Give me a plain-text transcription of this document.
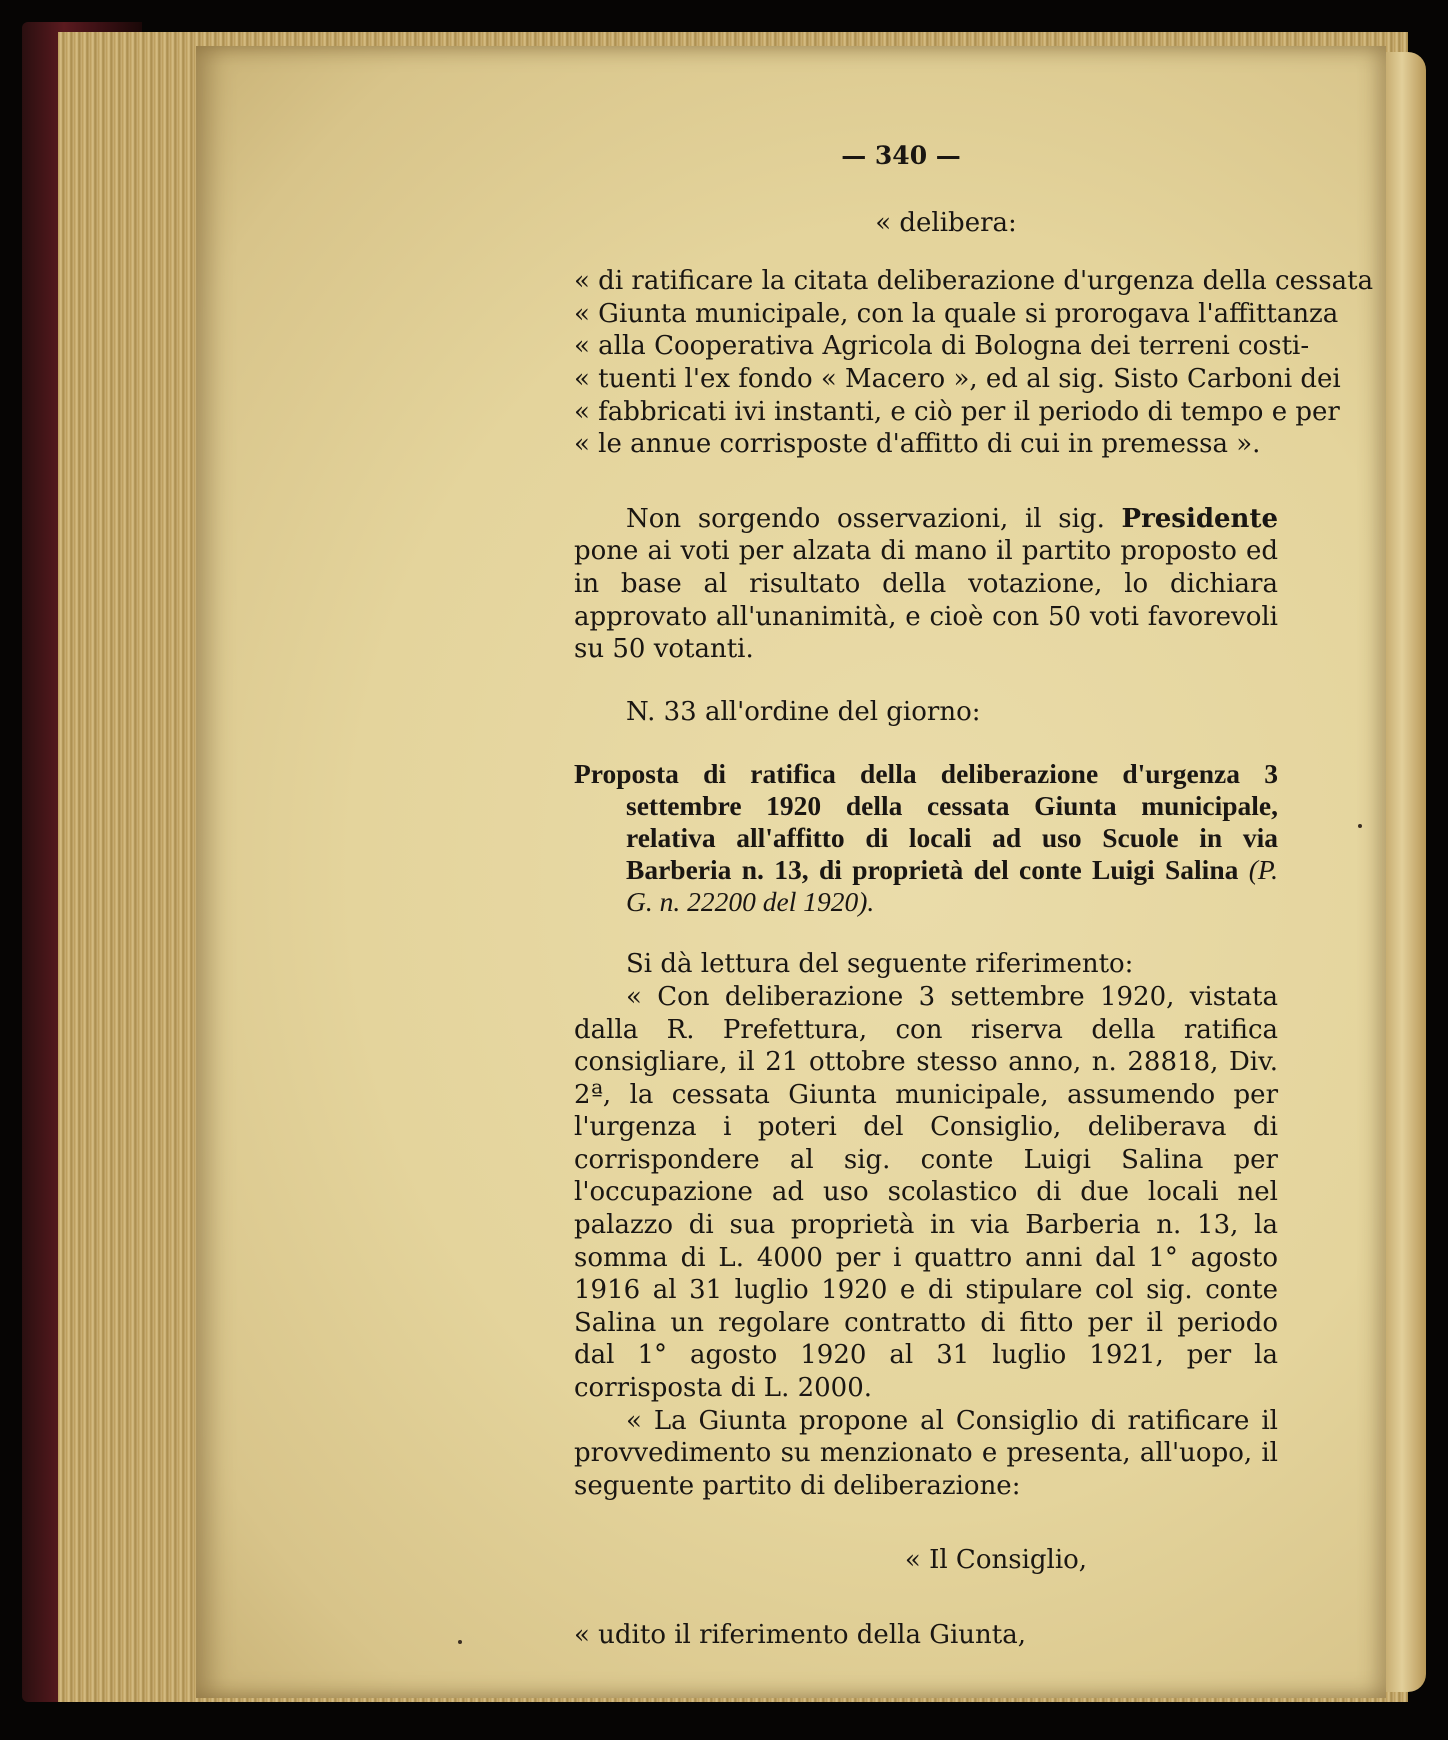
— 340 —

« delibera:

« di ratificare la citata deliberazione d'urgenza della cessata

« Giunta municipale, con la quale si prorogava l'affittanza

« alla Cooperativa Agricola di Bologna dei terreni costi-

« tuenti l'ex fondo « Macero », ed al sig. Sisto Carboni dei

« fabbricati ivi instanti, e ciò per il periodo di tempo e per

« le annue corrisposte d'affitto di cui in premessa ».

Non sorgendo osservazioni, il sig. Presidente pone ai voti per alzata di mano il partito proposto ed in base al risultato della votazione, lo dichiara approvato all'unanimità, e cioè con 50 voti favorevoli su 50 votanti.

N. 33 all'ordine del giorno:

Proposta di ratifica della deliberazione d'urgenza 3 settembre 1920 della cessata Giunta municipale, relativa all'affitto di locali ad uso Scuole in via Barberia n. 13, di proprietà del conte Luigi Salina (P. G. n. 22200 del 1920).

Si dà lettura del seguente riferimento:

« Con deliberazione 3 settembre 1920, vistata dalla R. Prefettura, con riserva della ratifica consigliare, il 21 ottobre stesso anno, n. 28818, Div. 2ª, la cessata Giunta municipale, assumendo per l'urgenza i poteri del Consiglio, deliberava di corrispondere al sig. conte Luigi Salina per l'occupazione ad uso scolastico di due locali nel palazzo di sua proprietà in via Barberia n. 13, la somma di L. 4000 per i quattro anni dal 1° agosto 1916 al 31 luglio 1920 e di stipulare col sig. conte Salina un regolare contratto di fitto per il periodo dal 1° agosto 1920 al 31 luglio 1921, per la corrisposta di L. 2000.

« La Giunta propone al Consiglio di ratificare il provvedimento su menzionato e presenta, all'uopo, il seguente partito di deliberazione:

« Il Consiglio,

« udito il riferimento della Giunta,
